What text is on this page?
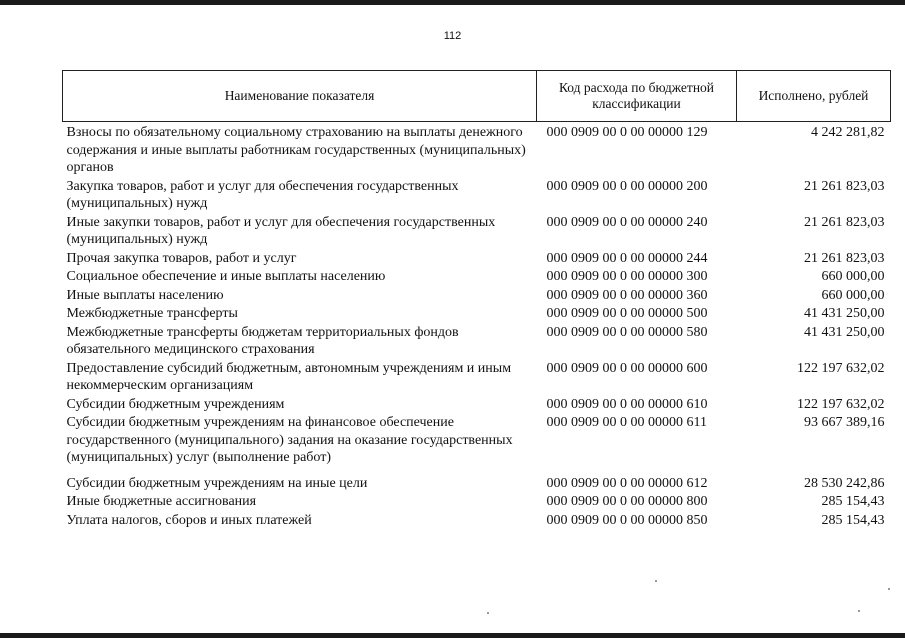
112
Наименование показателя	Код расхода по бюджетной классификации	Исполнено, рублей
Взносы по обязательному социальному страхованию на выплаты денежного содержания и иные выплаты работникам государственных (муниципальных) органов	000 0909 00 0 00 00000 129	4 242 281,82
Закупка товаров, работ и услуг для обеспечения государственных (муниципальных) нужд	000 0909 00 0 00 00000 200	21 261 823,03
Иные закупки товаров, работ и услуг для обеспечения государственных (муниципальных) нужд	000 0909 00 0 00 00000 240	21 261 823,03
Прочая закупка товаров, работ и услуг	000 0909 00 0 00 00000 244	21 261 823,03
Социальное обеспечение и иные выплаты населению	000 0909 00 0 00 00000 300	660 000,00
Иные выплаты населению	000 0909 00 0 00 00000 360	660 000,00
Межбюджетные трансферты	000 0909 00 0 00 00000 500	41 431 250,00
Межбюджетные трансферты бюджетам территориальных фондов обязательного медицинского страхования	000 0909 00 0 00 00000 580	41 431 250,00
Предоставление субсидий бюджетным, автономным учреждениям и иным некоммерческим организациям	000 0909 00 0 00 00000 600	122 197 632,02
Субсидии бюджетным учреждениям	000 0909 00 0 00 00000 610	122 197 632,02
Субсидии бюджетным учреждениям на финансовое обеспечение государственного (муниципального) задания на оказание государственных (муниципальных) услуг (выполнение работ)	000 0909 00 0 00 00000 611	93 667 389,16
Субсидии бюджетным учреждениям на иные цели	000 0909 00 0 00 00000 612	28 530 242,86
Иные бюджетные ассигнования	000 0909 00 0 00 00000 800	285 154,43
Уплата налогов, сборов и иных платежей	000 0909 00 0 00 00000 850	285 154,43
